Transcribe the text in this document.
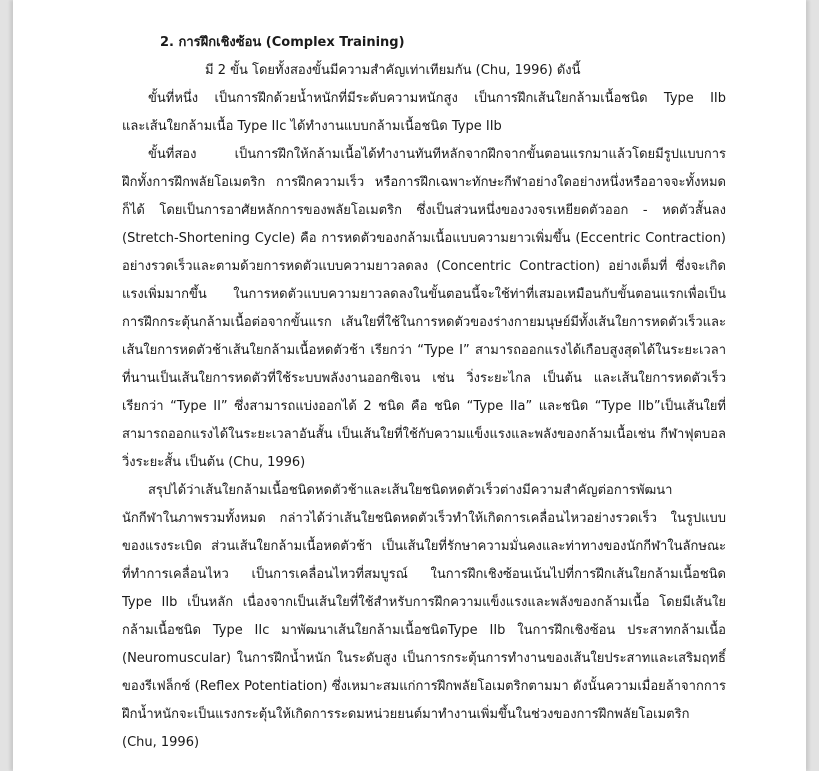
2. การฝึกเชิงซ้อน (Complex Training)
มี 2 ขั้น โดยทั้งสองขั้นมีความสำคัญเท่าเทียมกัน (Chu, 1996) ดังนี้
ขั้นที่หนึ่ง เป็นการฝึกด้วยน้ำหนักที่มีระดับความหนักสูง เป็นการฝึกเส้นใยกล้ามเนื้อชนิด Type IIb
และเส้นใยกล้ามเนื้อ Type IIc ได้ทำงานแบบกล้ามเนื้อชนิด Type IIb
ขั้นที่สอง เป็นการฝึกให้กล้ามเนื้อได้ทำงานทันทีหลักจากฝึกจากขั้นตอนแรกมาแล้วโดยมีรูปแบบการ
ฝึกทั้งการฝึกพลัยโอเมตริก การฝึกความเร็ว หรือการฝึกเฉพาะทักษะกีฬาอย่างใดอย่างหนึ่งหรืออาจจะทั้งหมด
ก็ได้ โดยเป็นการอาศัยหลักการของพลัยโอเมตริก ซึ่งเป็นส่วนหนึ่งของวงจรเหยียดตัวออก - หดตัวสั้นลง
(Stretch-Shortening Cycle) คือ การหดตัวของกล้ามเนื้อแบบความยาวเพิ่มขึ้น (Eccentric Contraction)
อย่างรวดเร็วและตามด้วยการหดตัวแบบความยาวลดลง (Concentric Contraction) อย่างเต็มที่ ซึ่งจะเกิด
แรงเพิ่มมากขึ้น ในการหดตัวแบบความยาวลดลงในขั้นตอนนี้จะใช้ท่าที่เสมอเหมือนกับขั้นตอนแรกเพื่อเป็น
การฝึกกระตุ้นกล้ามเนื้อต่อจากขั้นแรก เส้นใยที่ใช้ในการหดตัวของร่างกายมนุษย์มีทั้งเส้นใยการหดตัวเร็วและ
เส้นใยการหดตัวช้าเส้นใยกล้ามเนื้อหดตัวช้า เรียกว่า “Type I” สามารถออกแรงได้เกือบสูงสุดได้ในระยะเวลา
ที่นานเป็นเส้นใยการหดตัวที่ใช้ระบบพลังงานออกซิเจน เช่น วิ่งระยะไกล เป็นต้น และเส้นใยการหดตัวเร็ว
เรียกว่า “Type II” ซึ่งสามารถแบ่งออกได้ 2 ชนิด คือ ชนิด “Type IIa” และชนิด “Type IIb”เป็นเส้นใยที่
สามารถออกแรงได้ในระยะเวลาอันสั้น เป็นเส้นใยที่ใช้กับความแข็งแรงและพลังของกล้ามเนื้อเช่น กีฬาฟุตบอล
วิ่งระยะสั้น เป็นต้น (Chu, 1996)
สรุปได้ว่าเส้นใยกล้ามเนื้อชนิดหดตัวช้าและเส้นใยชนิดหดตัวเร็วต่างมีความสำคัญต่อการพัฒนา
นักกีฬาในภาพรวมทั้งหมด กล่าวได้ว่าเส้นใยชนิดหดตัวเร็วทำให้เกิดการเคลื่อนไหวอย่างรวดเร็ว ในรูปแบบ
ของแรงระเบิด ส่วนเส้นใยกล้ามเนื้อหดตัวช้า เป็นเส้นใยที่รักษาความมั่นคงและท่าทางของนักกีฬาในลักษณะ
ที่ทำการเคลื่อนไหว เป็นการเคลื่อนไหวที่สมบูรณ์ ในการฝึกเชิงซ้อนเน้นไปที่การฝึกเส้นใยกล้ามเนื้อชนิด
Type IIb เป็นหลัก เนื่องจากเป็นเส้นใยที่ใช้สำหรับการฝึกความแข็งแรงและพลังของกล้ามเนื้อ โดยมีเส้นใย
กล้ามเนื้อชนิด Type IIc มาพัฒนาเส้นใยกล้ามเนื้อชนิดType IIb ในการฝึกเชิงซ้อน ประสาทกล้ามเนื้อ
(Neuromuscular) ในการฝึกน้ำหนัก ในระดับสูง เป็นการกระตุ้นการทำงานของเส้นใยประสาทและเสริมฤทธิ์
ของรีเฟล็กซ์ (Reflex Potentiation) ซึ่งเหมาะสมแก่การฝึกพลัยโอเมตริกตามมา ดังนั้นความเมื่อยล้าจากการ
ฝึกน้ำหนักจะเป็นแรงกระตุ้นให้เกิดการระดมหน่วยยนต์มาทำงานเพิ่มขึ้นในช่วงของการฝึกพลัยโอเมตริก
(Chu, 1996)
